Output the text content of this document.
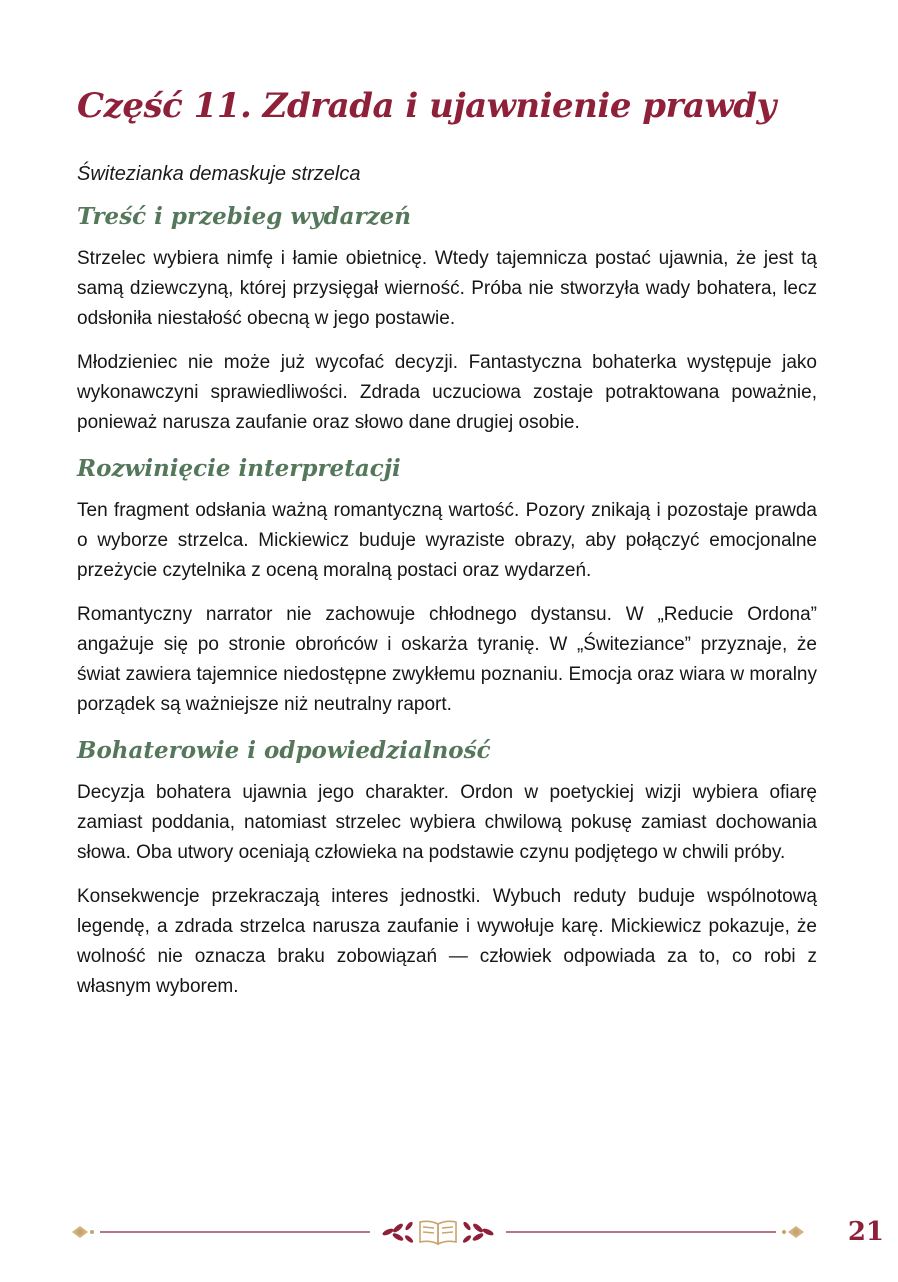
Część 11. Zdrada i ujawnienie prawdy
Świtezianka demaskuje strzelca
Treść i przebieg wydarzeń

Strzelec wybiera nimfę i łamie obietnicę. Wtedy tajemnicza postać ujawnia, że jest tą samą dziewczyną, której przysięgał wierność. Próba nie stworzyła wady bohatera, lecz odsłoniła niestałość obecną w jego postawie.

Młodzieniec nie może już wycofać decyzji. Fantastyczna bohaterka występuje jako wykonawczyni sprawiedliwości. Zdrada uczuciowa zostaje potraktowana poważnie, ponieważ narusza zaufanie oraz słowo dane drugiej osobie.

Rozwinięcie interpretacji

Ten fragment odsłania ważną romantyczną wartość. Pozory znikają i pozostaje prawda o wyborze strzelca. Mickiewicz buduje wyraziste obrazy, aby połączyć emocjonalne przeżycie czytelnika z oceną moralną postaci oraz wydarzeń.

Romantyczny narrator nie zachowuje chłodnego dystansu. W „Reducie Ordona” angażuje się po stronie obrońców i oskarża tyranię. W „Świteziance” przyznaje, że świat zawiera tajemnice niedostępne zwykłemu poznaniu. Emocja oraz wiara w moralny porządek są ważniejsze niż neutralny raport.

Bohaterowie i odpowiedzialność

Decyzja bohatera ujawnia jego charakter. Ordon w poetyckiej wizji wybiera ofiarę zamiast poddania, natomiast strzelec wybiera chwilową pokusę zamiast dochowania słowa. Oba utwory oceniają człowieka na podstawie czynu podjętego w chwili próby.

Konsekwencje przekraczają interes jednostki. Wybuch reduty buduje wspólnotową legendę, a zdrada strzelca narusza zaufanie i wywołuje karę. Mickiewicz pokazuje, że wolność nie oznacza braku zobowiązań — człowiek odpowiada za to, co robi z własnym wyborem.

21
